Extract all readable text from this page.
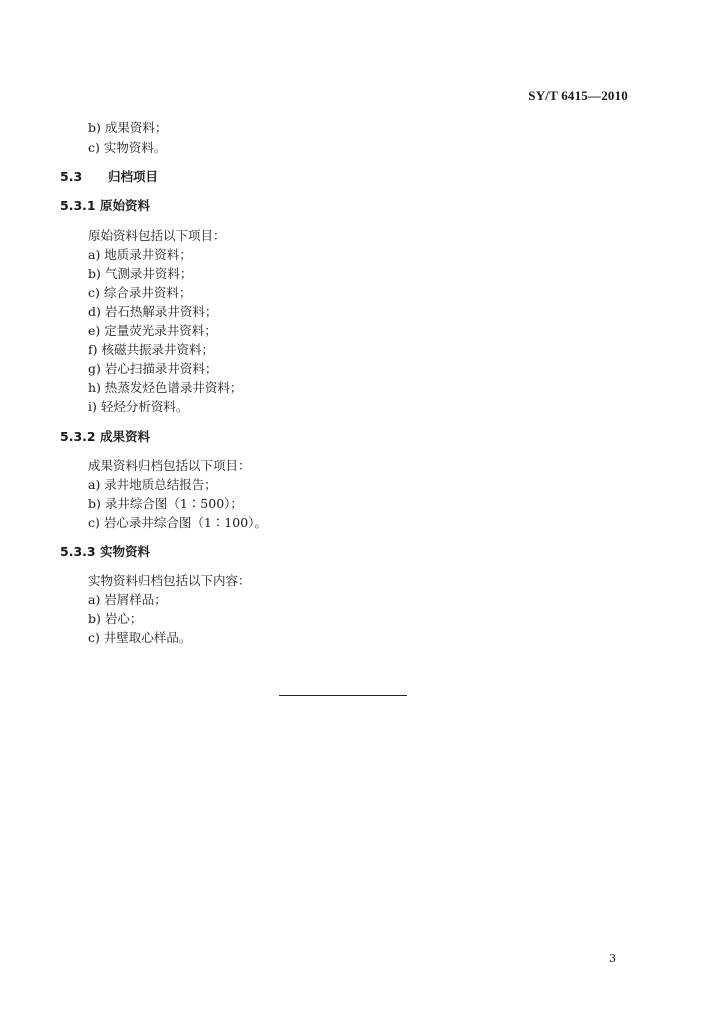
SY/T 6415—2010
b) 成果资料；
c) 实物资料。
5.3 归档项目
5.3.1 原始资料
原始资料包括以下项目：
a) 地质录井资料；
b) 气测录井资料；
c) 综合录井资料；
d) 岩石热解录井资料；
e) 定量荧光录井资料；
f) 核磁共振录井资料；
g) 岩心扫描录井资料；
h) 热蒸发烃色谱录井资料；
i) 轻烃分析资料。
5.3.2 成果资料
成果资料归档包括以下项目：
a) 录井地质总结报告；
b) 录井综合图（1∶500）；
c) 岩心录井综合图（1∶100）。
5.3.3 实物资料
实物资料归档包括以下内容：
a) 岩屑样品；
b) 岩心；
c) 井壁取心样品。
3
